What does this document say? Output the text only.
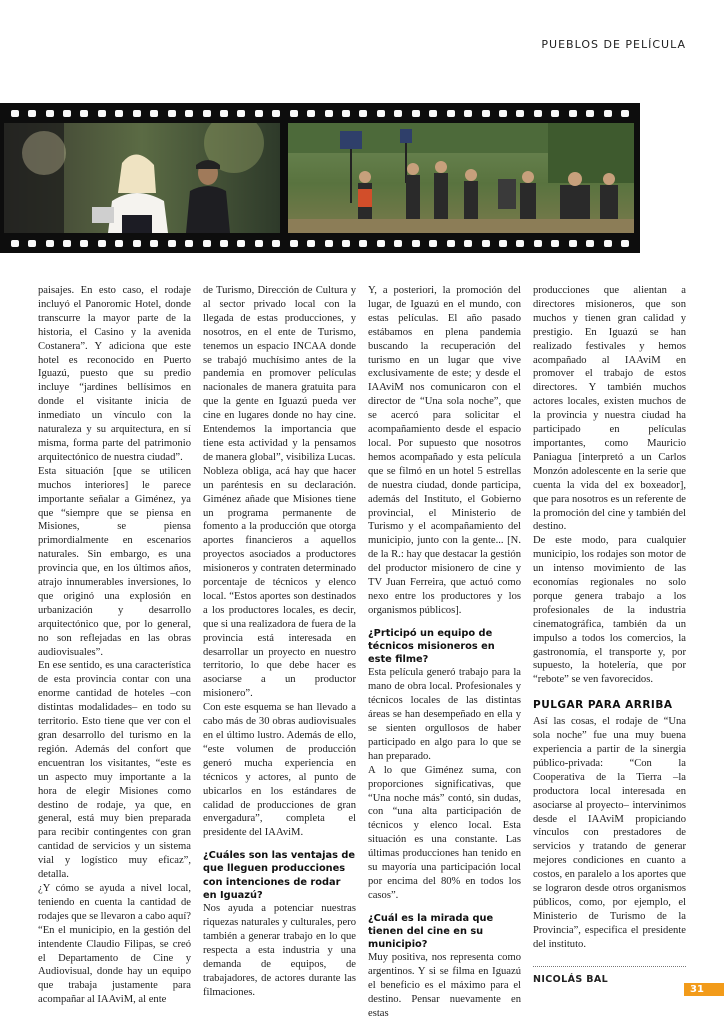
PUEBLOS DE PELÍCULA

paisajes. En esto caso, el rodaje incluyó el Panoromic Hotel, donde transcurre la mayor parte de la historia, el Casino y la avenida Costanera”. Y adiciona que este hotel es reconocido en Puerto Iguazú, puesto que su predio incluye “jardines bellísimos en donde el visitante inicia de inmediato un vínculo con la naturaleza y su arquitectura, en sí misma, forma parte del patrimonio arquitectónico de nuestra ciudad”.

Esta situación [que se utilicen muchos interiores] le parece importante señalar a Giménez, ya que “siempre que se piensa en Misiones, se piensa primordialmente en escenarios naturales. Sin embargo, es una provincia que, en los últimos años, atrajo innumerables inversiones, lo que originó una explosión en urbanización y desarrollo arquitectónico que, por lo general, no son reflejadas en las obras audiovisuales”.

En ese sentido, es una característica de esta provincia contar con una enorme cantidad de hoteles –con distintas modalidades– en todo su territorio. Esto tiene que ver con el gran desarrollo del turismo en la región. Además del confort que encuentran los visitantes, “este es un aspecto muy importante a la hora de elegir Misiones como destino de rodaje, ya que, en general, está muy bien preparada para recibir contingentes con gran cantidad de servicios y un sistema vial y logístico muy eficaz”, detalla.

¿Y cómo se ayuda a nivel local, teniendo en cuenta la cantidad de rodajes que se llevaron a cabo aquí? “En el municipio, en la gestión del intendente Claudio Filipas, se creó el Departamento de Cine y Audiovisual, donde hay un equipo que trabaja justamente para acompañar al IAAviM, al ente

de Turismo, Dirección de Cultura y al sector privado local con la llegada de estas producciones, y nosotros, en el ente de Turismo, tenemos un espacio INCAA donde se trabajó muchísimo antes de la pandemia en promover películas nacionales de manera gratuita para que la gente en Iguazú pueda ver cine en lugares donde no hay cine. Entendemos la importancia que tiene esta actividad y la pensamos de manera global”, visibiliza Lucas.

Nobleza obliga, acá hay que hacer un paréntesis en su declaración. Giménez añade que Misiones tiene un programa permanente de fomento a la producción que otorga aportes financieros a aquellos proyectos asociados a productores misioneros y contraten determinado porcentaje de técnicos y elenco local. “Estos aportes son destinados a los productores locales, es decir, que si una realizadora de fuera de la provincia está interesada en desarrollar un proyecto en nuestro territorio, lo que debe hacer es asociarse a un productor misionero”.

Con este esquema se han llevado a cabo más de 30 obras audiovisuales en el último lustro. Además de ello, “este volumen de producción generó mucha experiencia en técnicos y actores, al punto de ubicarlos en los estándares de calidad de producciones de gran envergadura”, completa el presidente del IAAviM.

¿Cuáles son las ventajas de que lleguen producciones con intenciones de rodar en Iguazú?

Nos ayuda a potenciar nuestras riquezas naturales y culturales, pero también a generar trabajo en lo que respecta a esta industria y una demanda de equipos, de trabajadores, de actores durante las filmaciones.

Y, a posteriori, la promoción del lugar, de Iguazú en el mundo, con estas películas. El año pasado estábamos en plena pandemia buscando la recuperación del turismo en un lugar que vive exclusivamente de este; y desde el IAAviM nos comunicaron con el director de “Una sola noche”, que se acercó para solicitar el acompañamiento desde el espacio local. Por supuesto que nosotros hemos acompañado y esta película que se filmó en un hotel 5 estrellas de nuestra ciudad, donde participa, además del Instituto, el Gobierno provincial, el Ministerio de Turismo y el acompañamiento del municipio, junto con la gente... [N. de la R.: hay que destacar la gestión del productor misionero de cine y TV Juan Ferreira, que actuó como nexo entre los productores y los organismos públicos].

¿Prticipó un equipo de técnicos misioneros en este filme?

Esta película generó trabajo para la mano de obra local. Profesionales y técnicos locales de las distintas áreas se han desempeñado en ella y se sienten orgullosos de haber participado en algo para lo que se han preparado.

A lo que Giménez suma, con proporciones significativas, que “Una noche más” contó, sin dudas, con “una alta participación de técnicos y elenco local. Esta situación es una constante. Las últimas producciones han tenido en su mayoría una participación local por encima del 80% en todos los casos”.

¿Cuál es la mirada que tienen del cine en su municipio?

Muy positiva, nos representa como argentinos. Y si se filma en Iguazú el beneficio es el máximo para el destino. Pensar nuevamente en estas

producciones que alientan a directores misioneros, que son muchos y tienen gran calidad y prestigio. En Iguazú se han realizado festivales y hemos acompañado al IAAviM en promover el trabajo de estos directores. Y también muchos actores locales, existen muchos de la provincia y nuestra ciudad ha participado en películas importantes, como Mauricio Paniagua [interpretó a un Carlos Monzón adolescente en la serie que cuenta la vida del ex boxeador], que para nosotros es un referente de la promoción del cine y también del destino.

De este modo, para cualquier municipio, los rodajes son motor de un intenso movimiento de las economías regionales no solo porque genera trabajo a los profesionales de la industria cinematográfica, también da un impulso a todos los comercios, la gastronomía, el transporte y, por supuesto, la hotelería, que por “rebote” se ven favorecidos.

PULGAR PARA ARRIBA

Así las cosas, el rodaje de “Una sola noche” fue una muy buena experiencia a partir de la sinergia público-privada: “Con la Cooperativa de la Tierra –la productora local interesada en asociarse al proyecto– intervinimos desde el IAAviM propiciando vínculos con prestadores de servicios y tratando de generar mejores condiciones en cuanto a costos, en paralelo a los aportes que se lograron desde otros organismos públicos, como, por ejemplo, el Ministerio de Turismo de la Provincia”, especifica el presidente del instituto.

NICOLÁS BAL

31
